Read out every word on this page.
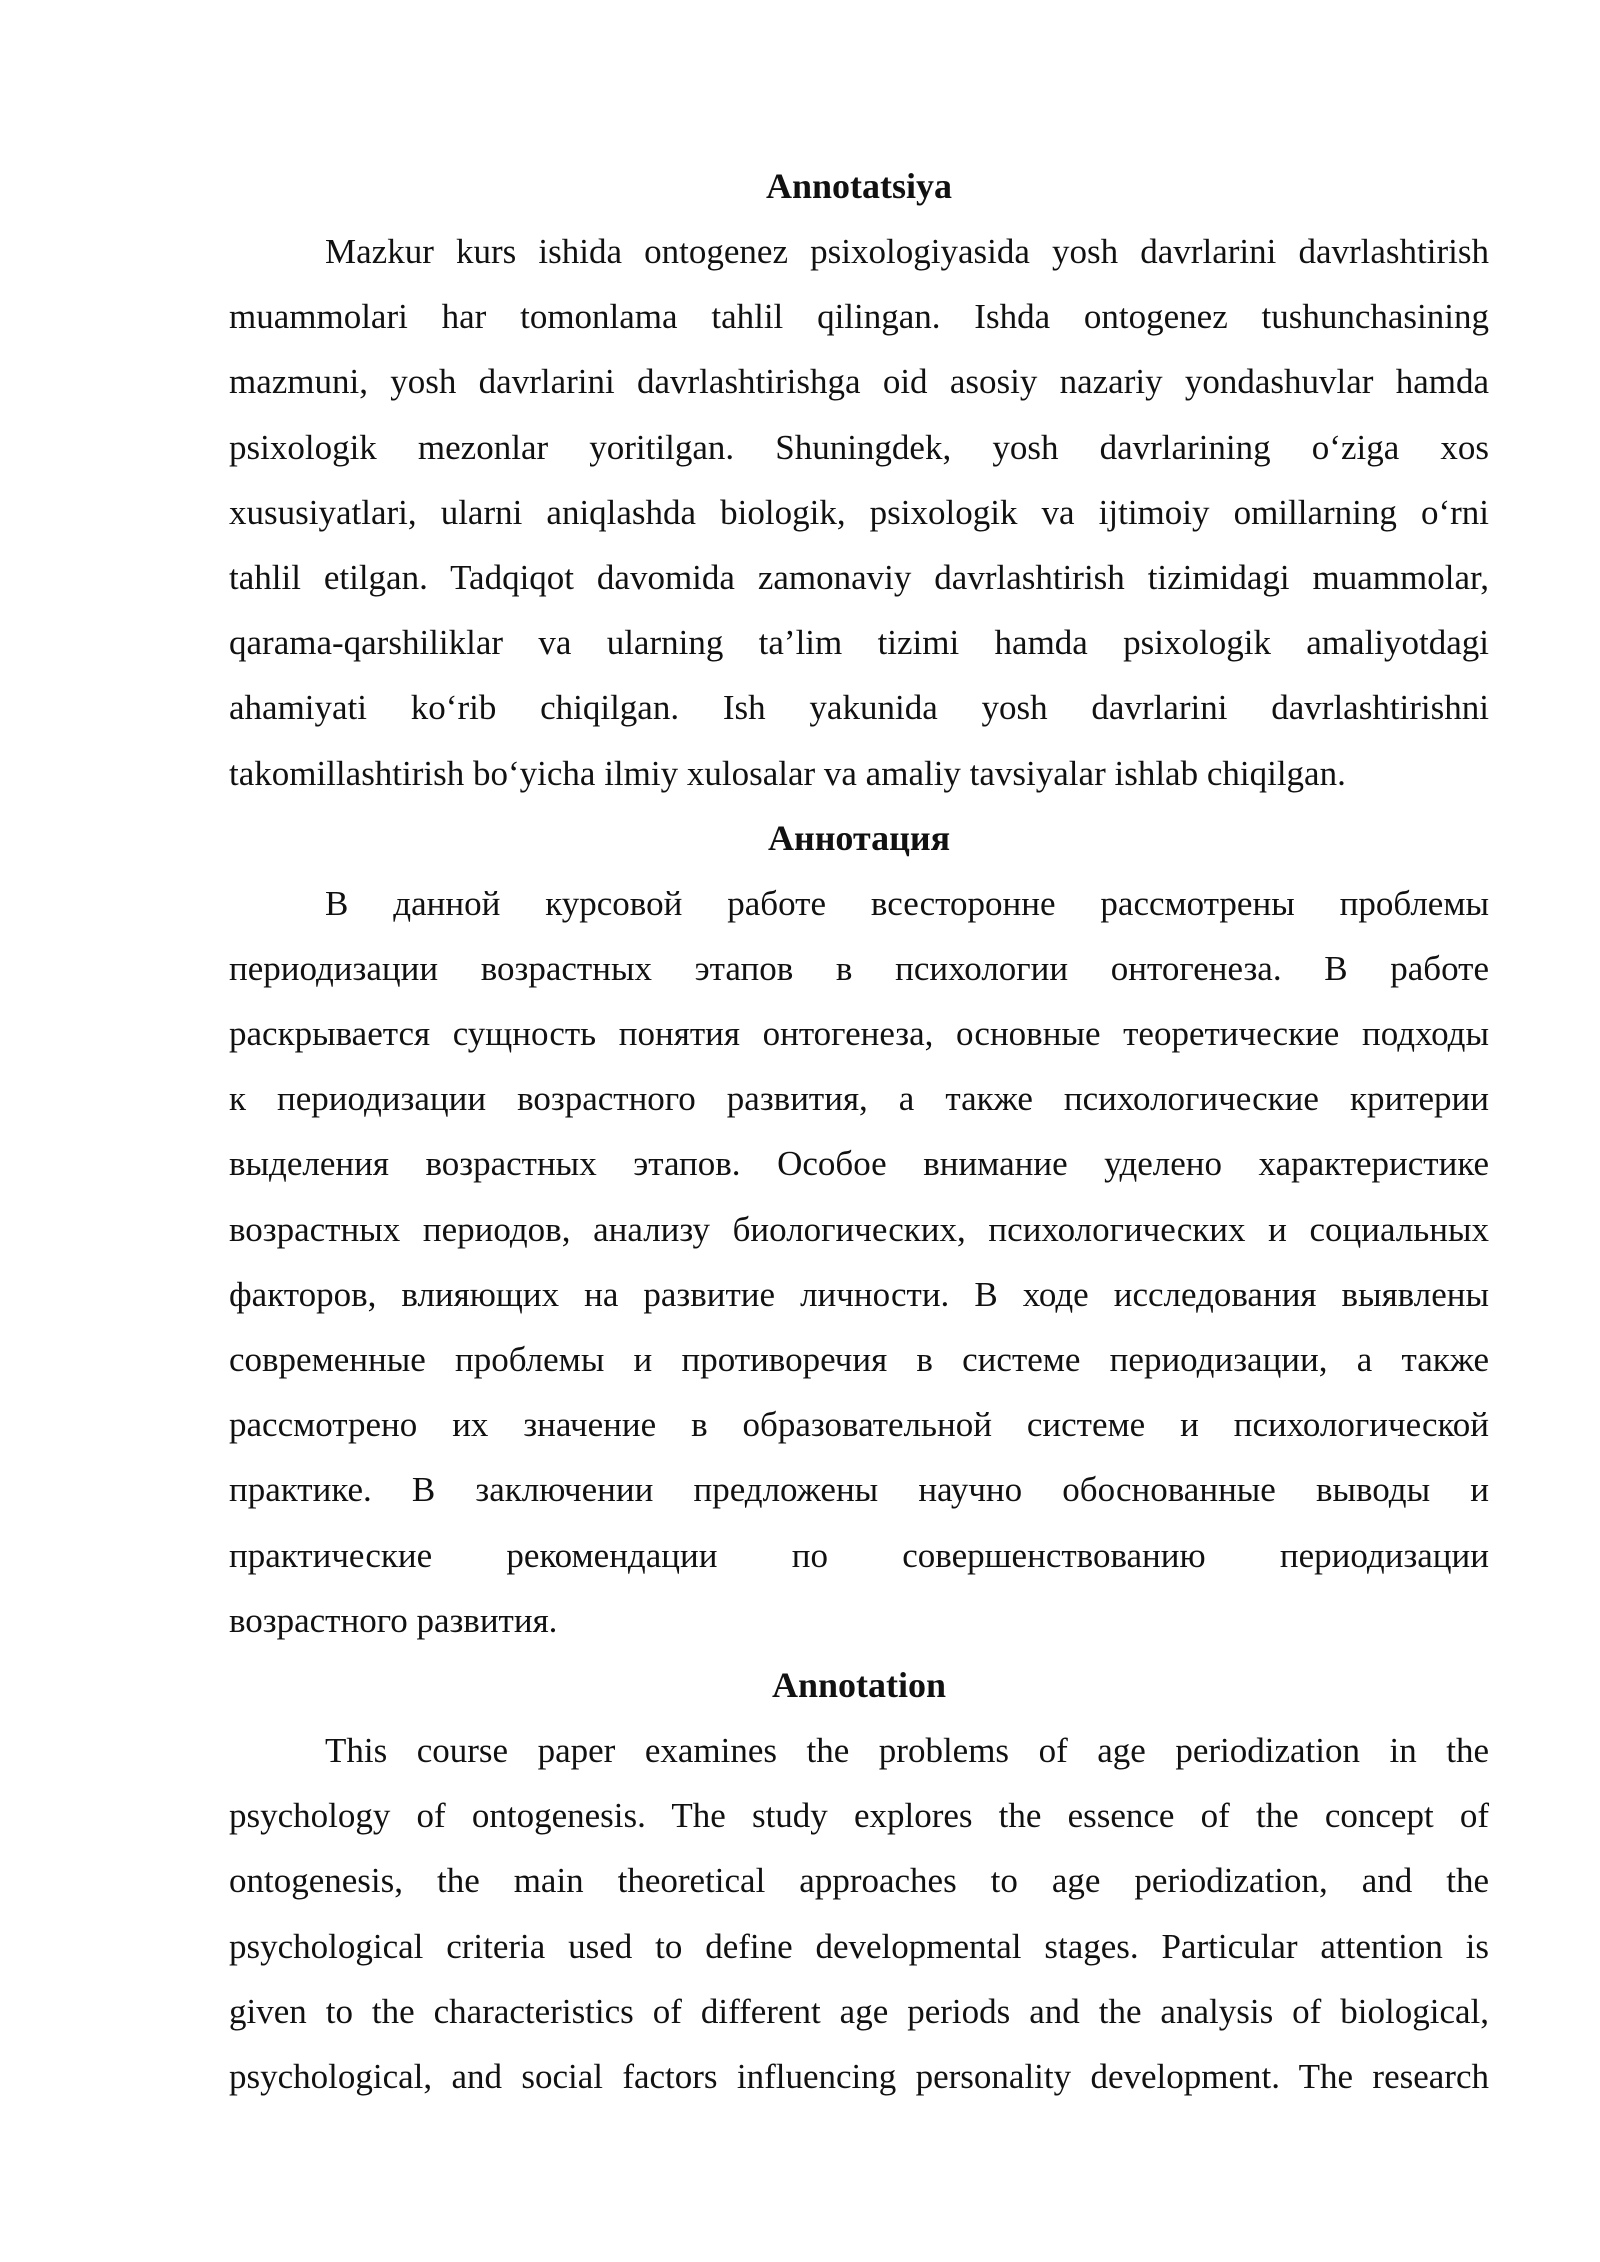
Annotatsiya
Mazkur kurs ishida ontogenez psixologiyasida yosh davrlarini davrlashtirish
muammolari har tomonlama tahlil qilingan. Ishda ontogenez tushunchasining
mazmuni, yosh davrlarini davrlashtirishga oid asosiy nazariy yondashuvlar hamda
psixologik mezonlar yoritilgan. Shuningdek, yosh davrlarining o‘ziga xos
xususiyatlari, ularni aniqlashda biologik, psixologik va ijtimoiy omillarning o‘rni
tahlil etilgan. Tadqiqot davomida zamonaviy davrlashtirish tizimidagi muammolar,
qarama-qarshiliklar va ularning ta’lim tizimi hamda psixologik amaliyotdagi
ahamiyati ko‘rib chiqilgan. Ish yakunida yosh davrlarini davrlashtirishni
takomillashtirish bo‘yicha ilmiy xulosalar va amaliy tavsiyalar ishlab chiqilgan.
Аннотация
В данной курсовой работе всесторонне рассмотрены проблемы
периодизации возрастных этапов в психологии онтогенеза. В работе
раскрывается сущность понятия онтогенеза, основные теоретические подходы
к периодизации возрастного развития, а также психологические критерии
выделения возрастных этапов. Особое внимание уделено характеристике
возрастных периодов, анализу биологических, психологических и социальных
факторов, влияющих на развитие личности. В ходе исследования выявлены
современные проблемы и противоречия в системе периодизации, а также
рассмотрено их значение в образовательной системе и психологической
практике. В заключении предложены научно обоснованные выводы и
практические рекомендации по совершенствованию периодизации
возрастного развития.
Annotation
This course paper examines the problems of age periodization in the
psychology of ontogenesis. The study explores the essence of the concept of
ontogenesis, the main theoretical approaches to age periodization, and the
psychological criteria used to define developmental stages. Particular attention is
given to the characteristics of different age periods and the analysis of biological,
psychological, and social factors influencing personality development. The research
